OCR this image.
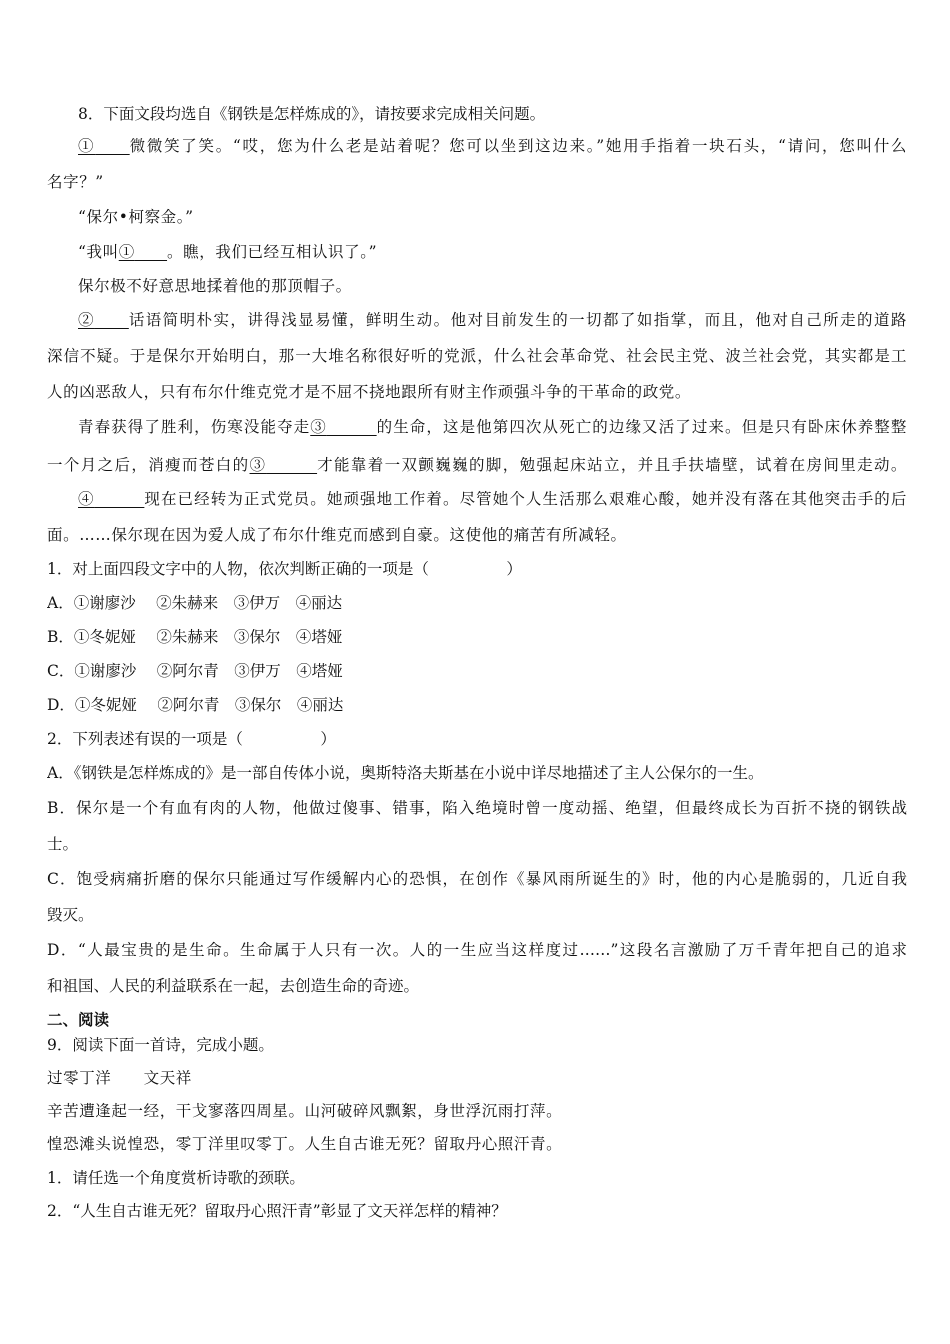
8．下面文段均选自《钢铁是怎样炼成的》，请按要求完成相关问题。
①　　 微微笑了笑。“哎，您为什么老是站着呢？您可以坐到这边来。”她用手指着一块石头，“请问，您叫什么
名字？”
“保尔•柯察金。”
“我叫①　　 。瞧，我们已经互相认识了。”
保尔极不好意思地揉着他的那顶帽子。
②　　 话语简明朴实，讲得浅显易懂，鲜明生动。他对目前发生的一切都了如指掌，而且，他对自己所走的道路
深信不疑。于是保尔开始明白，那一大堆名称很好听的党派，什么社会革命党、社会民主党、波兰社会党，其实都是工
人的凶恶敌人，只有布尔什维克党才是不屈不挠地跟所有财主作顽强斗争的干革命的政党。
青春获得了胜利，伤寒没能夺走③　　　	的生命，这是他第四次从死亡的边缘又活了过来。但是只有卧床休养整整
一个月之后，消瘦而苍白的③　　　	才能靠着一双颤巍巍的脚，勉强起床站立，并且手扶墙壁，试着在房间里走动。
④　　　	现在已经转为正式党员。她顽强地工作着。尽管她个人生活那么艰难心酸，她并没有落在其他突击手的后
面。……保尔现在因为爱人成了布尔什维克而感到自豪。这使他的痛苦有所减轻。
1．对上面四段文字中的人物，依次判断正确的一项是（　　　　　）
A．①谢廖沙　 ②朱赫来　③伊万　④丽达
B．①冬妮娅　 ②朱赫来　③保尔　④塔娅
C．①谢廖沙　 ②阿尔青　③伊万　④塔娅
D．①冬妮娅　 ②阿尔青　③保尔　④丽达
2．下列表述有误的一项是（　　　　　）
A．《钢铁是怎样炼成的》是一部自传体小说，奥斯特洛夫斯基在小说中详尽地描述了主人公保尔的一生。
B．保尔是一个有血有肉的人物，他做过傻事、错事，陷入绝境时曾一度动摇、绝望，但最终成长为百折不挠的钢铁战
士。
C．饱受病痛折磨的保尔只能通过写作缓解内心的恐惧，在创作《暴风雨所诞生的》时，他的内心是脆弱的，几近自我
毁灭。
D．“人最宝贵的是生命。生命属于人只有一次。人的一生应当这样度过……”这段名言激励了万千青年把自己的追求
和祖国、人民的利益联系在一起，去创造生命的奇迹。
二、阅读
9．阅读下面一首诗，完成小题。
过零丁洋　　文天祥
辛苦遭逢起一经，干戈寥落四周星。山河破碎风飘絮，身世浮沉雨打萍。
惶恐滩头说惶恐，零丁洋里叹零丁。人生自古谁无死？留取丹心照汗青。
1．请任选一个角度赏析诗歌的颈联。
2．“人生自古谁无死？留取丹心照汗青”彰显了文天祥怎样的精神？
